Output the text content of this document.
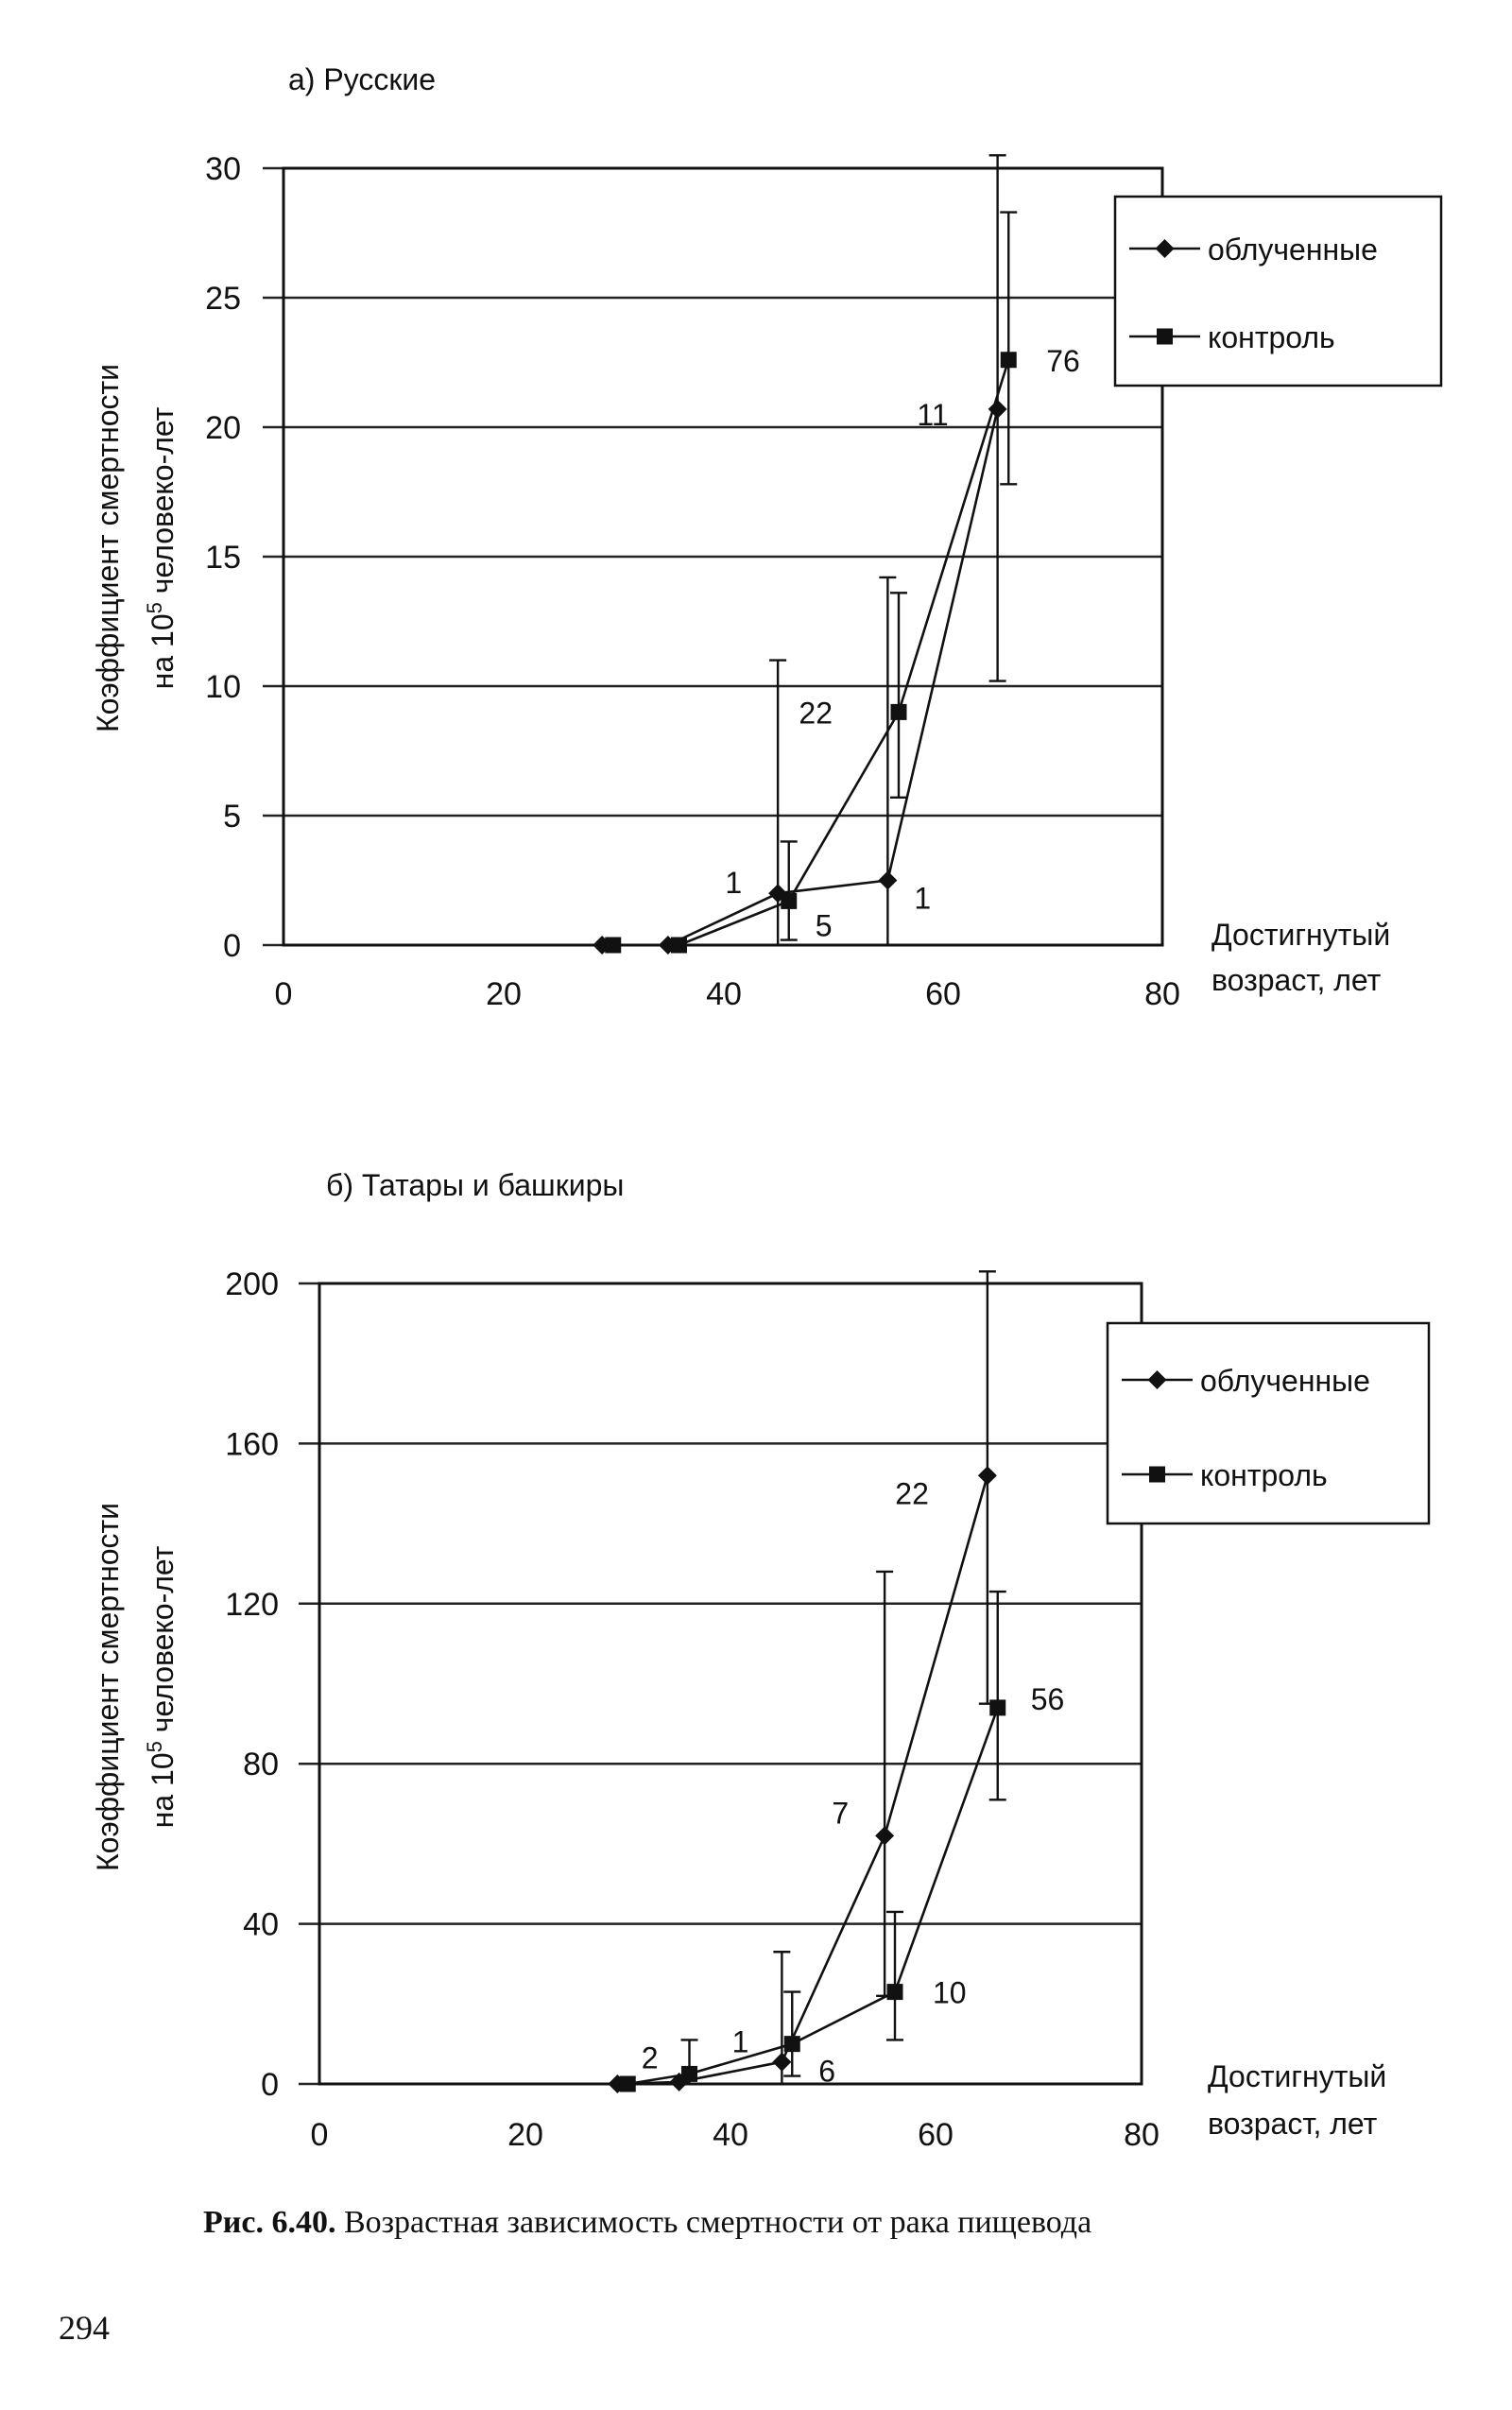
а) Русские
0
5
10
15
20
25
30
0	20	40	60	80
Достигнутый
возраст, лет
Коэффициент смертности на $10^5$ человеко-лет
1	1
11
5
22
76
облученные
контроль
б) Татары и башкиры
0
40
80
120
160
200
0	20	40	60	80
Достигнутый
возраст, лет
Коэффициент смертности на $10^5$ человеко-лет
1
7
22
2	6
10
56
облученные
контроль
Рис. 6.40. Возрастная зависимость смертности от рака пищевода
294
